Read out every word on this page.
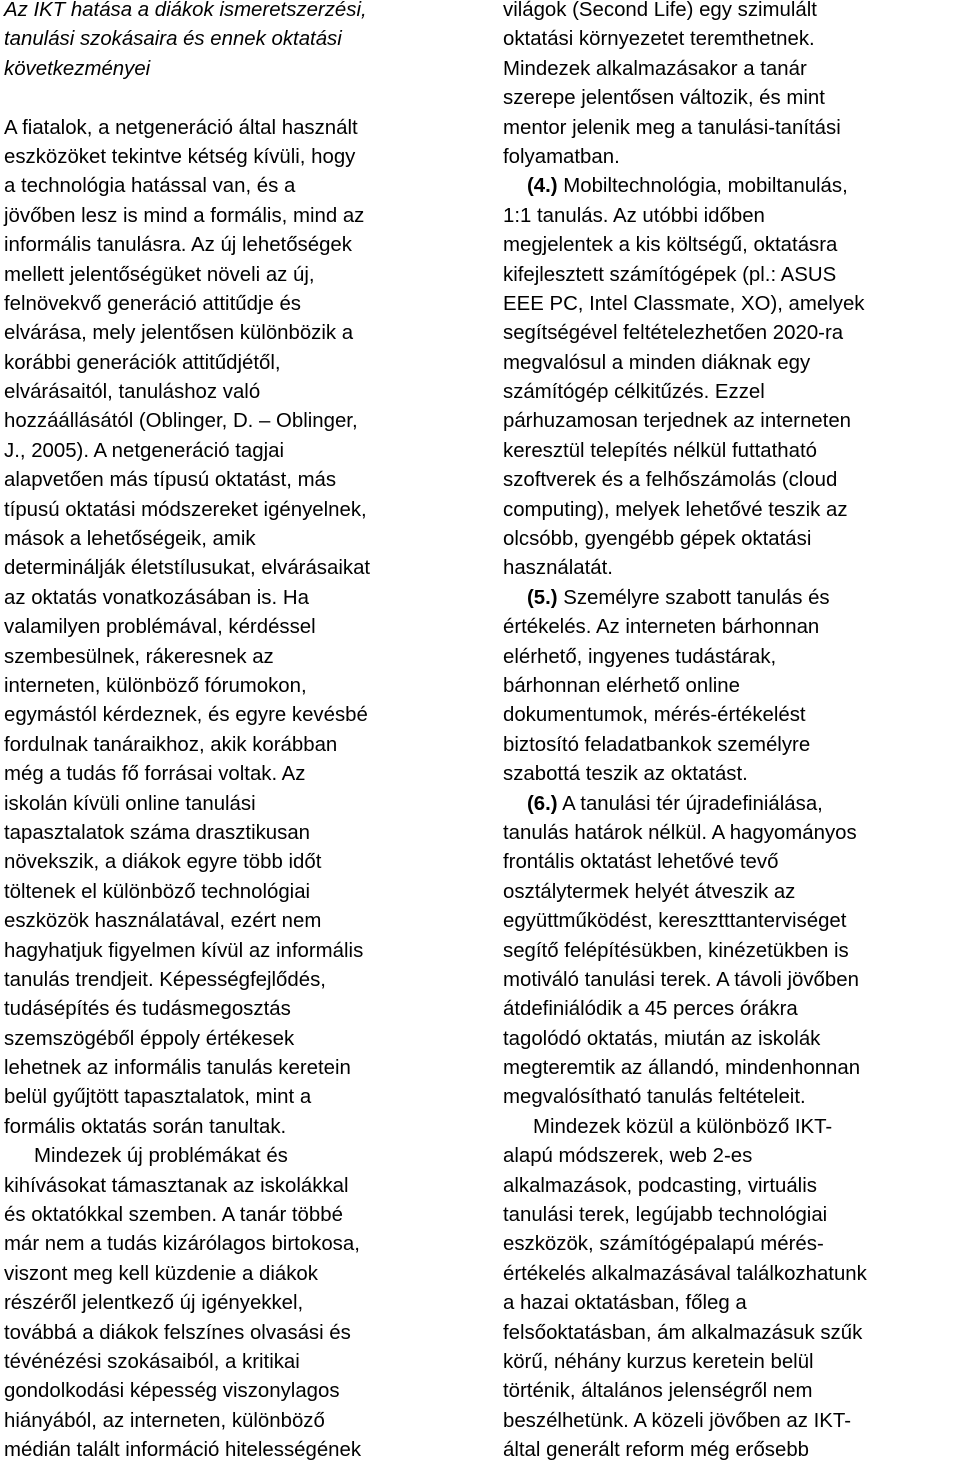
Az IKT hatása a diákok ismeretszerzési,
tanulási szokásaira és ennek oktatási
következményei
A fiatalok, a netgeneráció által használt
eszközöket tekintve kétség kívüli, hogy
a technológia hatással van, és a
jövőben lesz is mind a formális, mind az
informális tanulásra. Az új lehetőségek
mellett jelentőségüket növeli az új,
felnövekvő generáció attitűdje és
elvárása, mely jelentősen különbözik a
korábbi generációk attitűdjétől,
elvárásaitól, tanuláshoz való
hozzáállásától (Oblinger, D. – Oblinger,
J., 2005). A netgeneráció tagjai
alapvetően más típusú oktatást, más
típusú oktatási módszereket igényelnek,
mások a lehetőségeik, amik
determinálják életstílusukat, elvárásaikat
az oktatás vonatkozásában is. Ha
valamilyen problémával, kérdéssel
szembesülnek, rákeresnek az
interneten, különböző fórumokon,
egymástól kérdeznek, és egyre kevésbé
fordulnak tanáraikhoz, akik korábban
még a tudás fő forrásai voltak. Az
iskolán kívüli online tanulási
tapasztalatok száma drasztikusan
növekszik, a diákok egyre több időt
töltenek el különböző technológiai
eszközök használatával, ezért nem
hagyhatjuk figyelmen kívül az informális
tanulás trendjeit. Képességfejlődés,
tudásépítés és tudásmegosztás
szemszögéből éppoly értékesek
lehetnek az informális tanulás keretein
belül gyűjtött tapasztalatok, mint a
formális oktatás során tanultak.
Mindezek új problémákat és
kihívásokat támasztanak az iskolákkal
és oktatókkal szemben. A tanár többé
már nem a tudás kizárólagos birtokosa,
viszont meg kell küzdenie a diákok
részéről jelentkező új igényekkel,
továbbá a diákok felszínes olvasási és
tévénézési szokásaiból, a kritikai
gondolkodási képesség viszonylagos
hiányából, az interneten, különböző
médián talált információ hitelességének
világok (Second Life) egy szimulált
oktatási környezetet teremthetnek.
Mindezek alkalmazásakor a tanár
szerepe jelentősen változik, és mint
mentor jelenik meg a tanulási-tanítási
folyamatban.
(4.) Mobiltechnológia, mobiltanulás,
1:1 tanulás. Az utóbbi időben
megjelentek a kis költségű, oktatásra
kifejlesztett számítógépek (pl.: ASUS
EEE PC, Intel Classmate, XO), amelyek
segítségével feltételezhetően 2020-ra
megvalósul a minden diáknak egy
számítógép célkitűzés. Ezzel
párhuzamosan terjednek az interneten
keresztül telepítés nélkül futtatható
szoftverek és a felhőszámolás (cloud
computing), melyek lehetővé teszik az
olcsóbb, gyengébb gépek oktatási
használatát.
(5.) Személyre szabott tanulás és
értékelés. Az interneten bárhonnan
elérhető, ingyenes tudástárak,
bárhonnan elérhető online
dokumentumok, mérés-értékelést
biztosító feladatbankok személyre
szabottá teszik az oktatást.
(6.) A tanulási tér újradefiniálása,
tanulás határok nélkül. A hagyományos
frontális oktatást lehetővé tevő
osztálytermek helyét átveszik az
együttműködést, keresztttanterviséget
segítő felépítésükben, kinézetükben is
motiváló tanulási terek. A távoli jövőben
átdefiniálódik a 45 perces órákra
tagolódó oktatás, miután az iskolák
megteremtik az állandó, mindenhonnan
megvalósítható tanulás feltételeit.
Mindezek közül a különböző IKT-
alapú módszerek, web 2-es
alkalmazások, podcasting, virtuális
tanulási terek, legújabb technológiai
eszközök, számítógépalapú mérés-
értékelés alkalmazásával találkozhatunk
a hazai oktatásban, főleg a
felsőoktatásban, ám alkalmazásuk szűk
körű, néhány kurzus keretein belül
történik, általános jelenségről nem
beszélhetünk. A közeli jövőben az IKT-
által generált reform még erősebb
